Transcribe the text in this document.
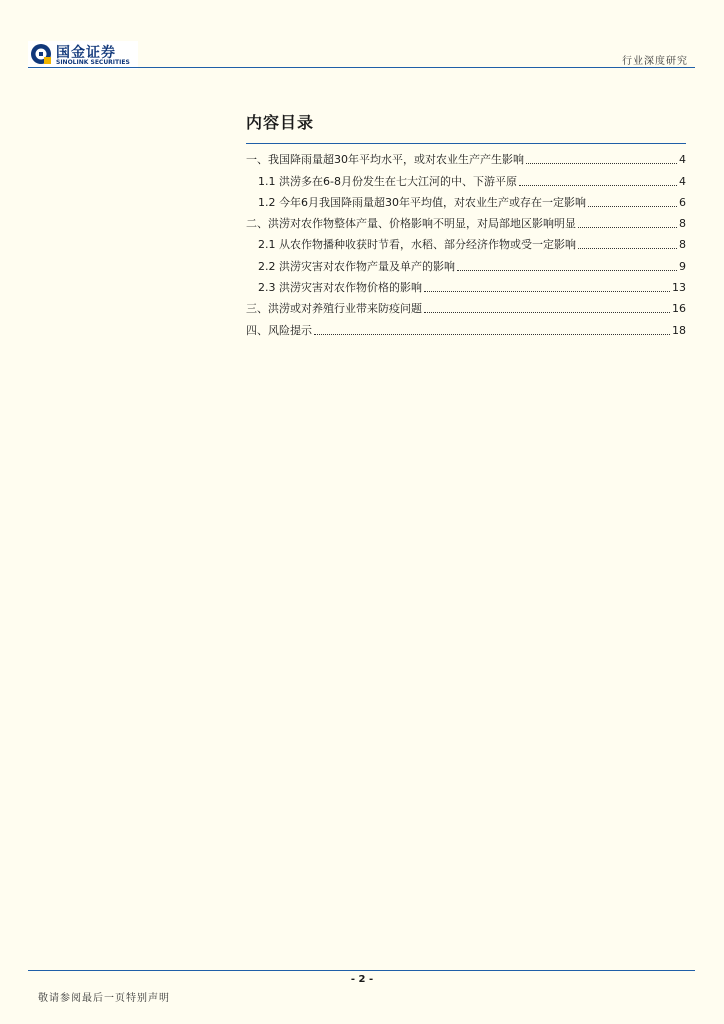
国金证券
SINOLINK SECURITIES	行业深度研究
内容目录
一、我国降雨量超30年平均水平，或对农业生产产生影响	4
1.1 洪涝多在6-8月份发生在七大江河的中、下游平原	4
1.2 今年6月我国降雨量超30年平均值，对农业生产或存在一定影响	6
二、洪涝对农作物整体产量、价格影响不明显，对局部地区影响明显	8
2.1 从农作物播种收获时节看，水稻、部分经济作物或受一定影响	8
2.2 洪涝灾害对农作物产量及单产的影响	9
2.3 洪涝灾害对农作物价格的影响	13
三、洪涝或对养殖行业带来防疫问题	16
四、风险提示	18
- 2 -
敬请参阅最后一页特别声明
